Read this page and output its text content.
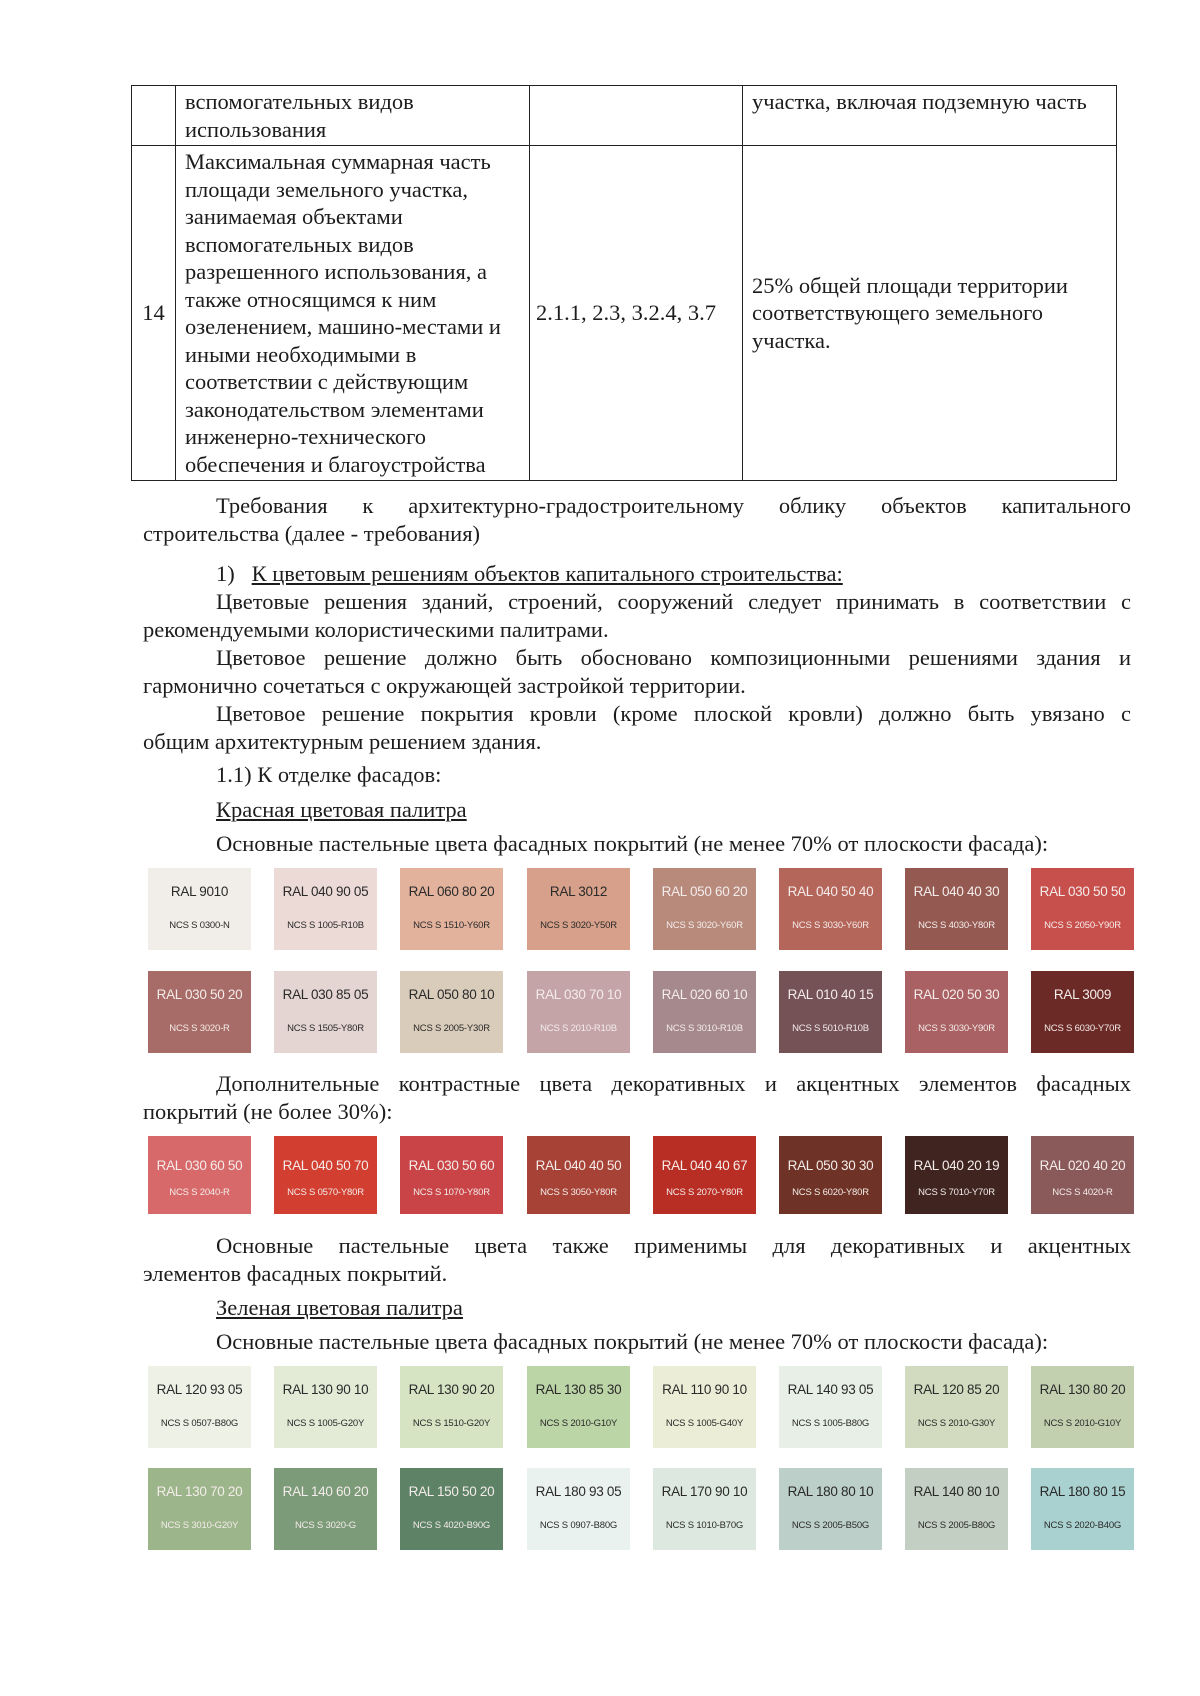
	вспомогательных видов использования		участка, включая подземную часть
14	Максимальная суммарная часть площади земельного участка, занимаемая объектами вспомогательных видов разрешенного использования, а также относящимся к ним озеленением, машино-местами и иными необходимыми в соответствии с действующим законодательством элементами инженерно-технического обеспечения и благоустройства	2.1.1, 2.3, 3.2.4, 3.7	25% общей площади территории соответствующего земельного участка.
Требования к архитектурно-градостроительному облику объектов капитального
строительства (далее - требования)
1) К цветовым решениям объектов капитального строительства:
Цветовые решения зданий, строений, сооружений следует принимать в соответствии с
рекомендуемыми колористическими палитрами.
Цветовое решение должно быть обосновано композиционными решениями здания и
гармонично сочетаться с окружающей застройкой территории.
Цветовое решение покрытия кровли (кроме плоской кровли) должно быть увязано с
общим архитектурным решением здания.
1.1) К отделке фасадов:
Красная цветовая палитра
Основные пастельные цвета фасадных покрытий (не менее 70% от плоскости фасада):
RAL 9010
NCS S 0300-N
RAL 040 90 05
NCS S 1005-R10B
RAL 060 80 20
NCS S 1510-Y60R
RAL 3012
NCS S 3020-Y50R
RAL 050 60 20
NCS S 3020-Y60R
RAL 040 50 40
NCS S 3030-Y60R
RAL 040 40 30
NCS S 4030-Y80R
RAL 030 50 50
NCS S 2050-Y90R
RAL 030 50 20
NCS S 3020-R
RAL 030 85 05
NCS S 1505-Y80R
RAL 050 80 10
NCS S 2005-Y30R
RAL 030 70 10
NCS S 2010-R10B
RAL 020 60 10
NCS S 3010-R10B
RAL 010 40 15
NCS S 5010-R10B
RAL 020 50 30
NCS S 3030-Y90R
RAL 3009
NCS S 6030-Y70R
Дополнительные контрастные цвета декоративных и акцентных элементов фасадных
покрытий (не более 30%):
RAL 030 60 50
NCS S 2040-R
RAL 040 50 70
NCS S 0570-Y80R
RAL 030 50 60
NCS S 1070-Y80R
RAL 040 40 50
NCS S 3050-Y80R
RAL 040 40 67
NCS S 2070-Y80R
RAL 050 30 30
NCS S 6020-Y80R
RAL 040 20 19
NCS S 7010-Y70R
RAL 020 40 20
NCS S 4020-R
Основные пастельные цвета также применимы для декоративных и акцентных
элементов фасадных покрытий.
Зеленая цветовая палитра
Основные пастельные цвета фасадных покрытий (не менее 70% от плоскости фасада):
RAL 120 93 05
NCS S 0507-B80G
RAL 130 90 10
NCS S 1005-G20Y
RAL 130 90 20
NCS S 1510-G20Y
RAL 130 85 30
NCS S 2010-G10Y
RAL 110 90 10
NCS S 1005-G40Y
RAL 140 93 05
NCS S 1005-B80G
RAL 120 85 20
NCS S 2010-G30Y
RAL 130 80 20
NCS S 2010-G10Y
RAL 130 70 20
NCS S 3010-G20Y
RAL 140 60 20
NCS S 3020-G
RAL 150 50 20
NCS S 4020-B90G
RAL 180 93 05
NCS S 0907-B80G
RAL 170 90 10
NCS S 1010-B70G
RAL 180 80 10
NCS S 2005-B50G
RAL 140 80 10
NCS S 2005-B80G
RAL 180 80 15
NCS S 2020-B40G
